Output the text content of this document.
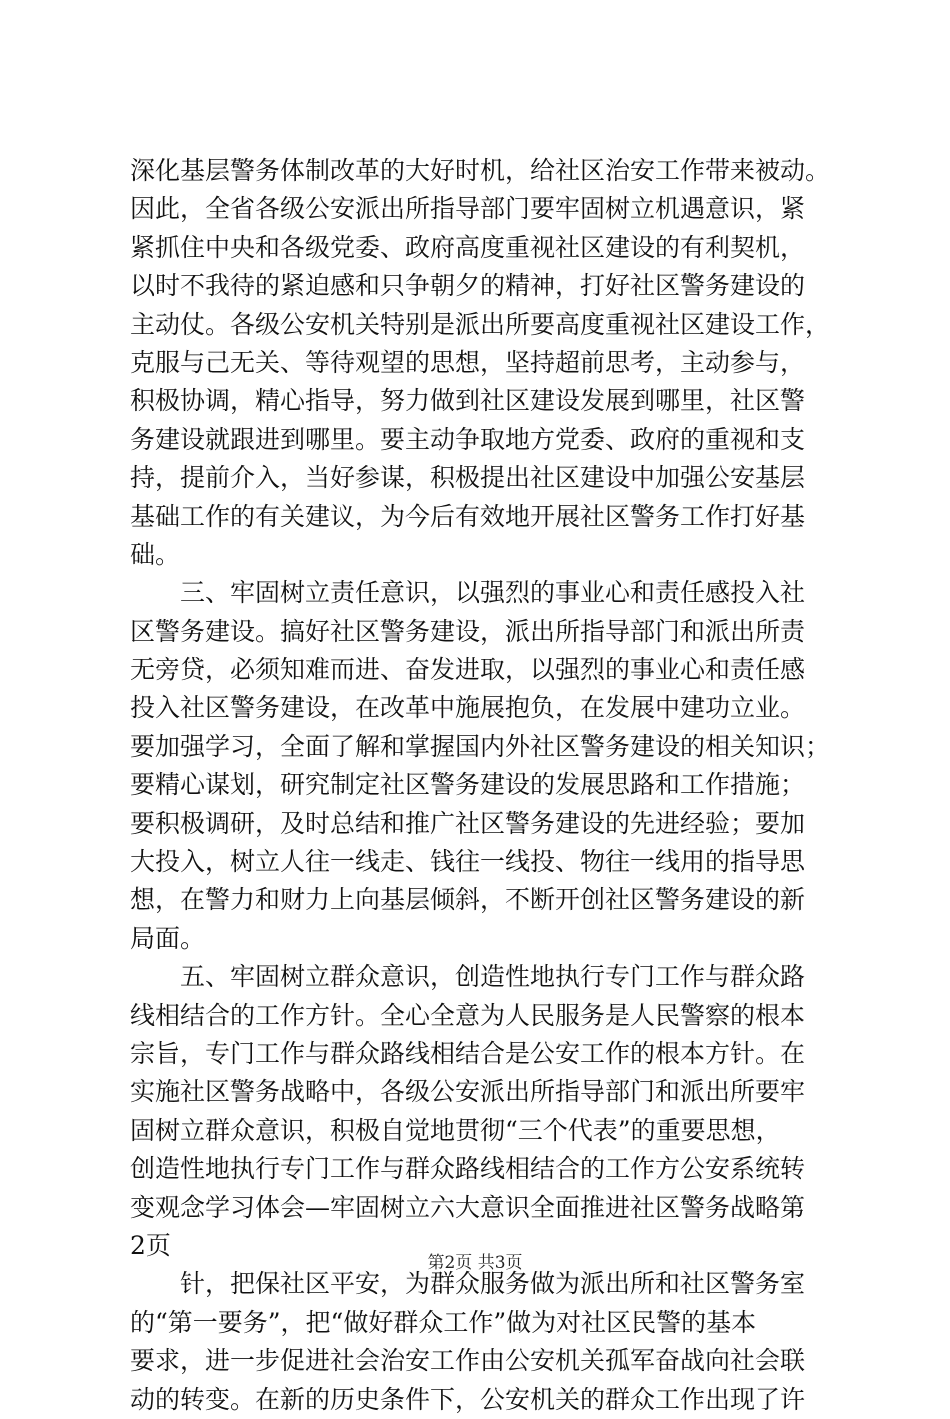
深化基层警务体制改革的大好时机，给社区治安工作带来被动。
因此，全省各级公安派出所指导部门要牢固树立机遇意识，紧
紧抓住中央和各级党委、政府高度重视社区建设的有利契机，
以时不我待的紧迫感和只争朝夕的精神，打好社区警务建设的
主动仗。各级公安机关特别是派出所要高度重视社区建设工作，
克服与己无关、等待观望的思想，坚持超前思考，主动参与，
积极协调，精心指导，努力做到社区建设发展到哪里，社区警
务建设就跟进到哪里。要主动争取地方党委、政府的重视和支
持，提前介入，当好参谋，积极提出社区建设中加强公安基层
基础工作的有关建议，为今后有效地开展社区警务工作打好基
础。
三、牢固树立责任意识，以强烈的事业心和责任感投入社
区警务建设。搞好社区警务建设，派出所指导部门和派出所责
无旁贷，必须知难而进、奋发进取，以强烈的事业心和责任感
投入社区警务建设，在改革中施展抱负，在发展中建功立业。
要加强学习，全面了解和掌握国内外社区警务建设的相关知识；
要精心谋划，研究制定社区警务建设的发展思路和工作措施；
要积极调研，及时总结和推广社区警务建设的先进经验；要加
大投入，树立人往一线走、钱往一线投、物往一线用的指导思
想，在警力和财力上向基层倾斜，不断开创社区警务建设的新
局面。
五、牢固树立群众意识，创造性地执行专门工作与群众路
线相结合的工作方针。全心全意为人民服务是人民警察的根本
宗旨，专门工作与群众路线相结合是公安工作的根本方针。在
实施社区警务战略中，各级公安派出所指导部门和派出所要牢
固树立群众意识，积极自觉地贯彻“三个代表”的重要思想，
创造性地执行专门工作与群众路线相结合的工作方公安系统转
变观念学习体会—牢固树立六大意识全面推进社区警务战略第
2页
针，把保社区平安，为群众服务做为派出所和社区警务室
的“第一要务”，把“做好群众工作”做为对社区民警的基本
要求，进一步促进社会治安工作由公安机关孤军奋战向社会联
动的转变。在新的历史条件下，公安机关的群众工作出现了许
第2页 共3页
